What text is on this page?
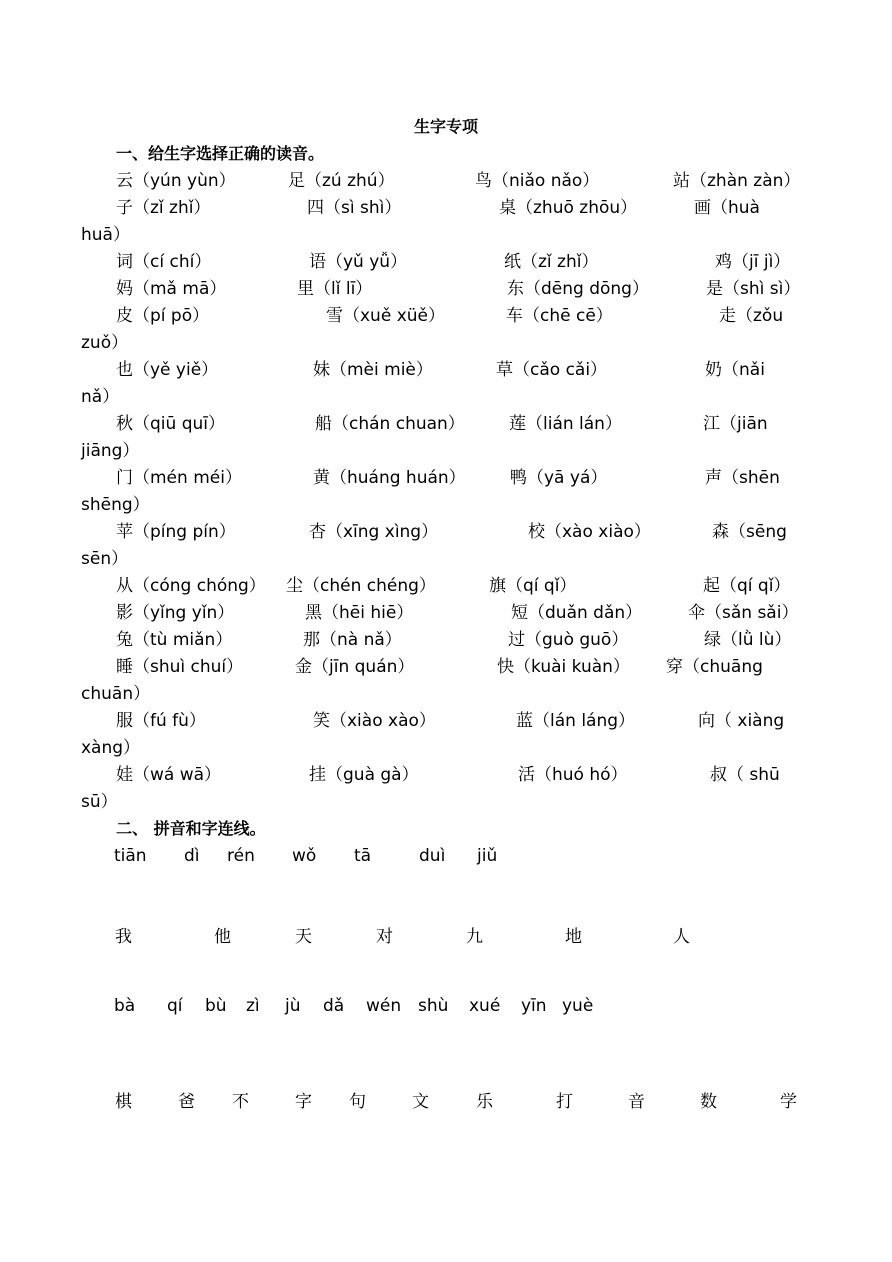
生字专项
一、给生字选择正确的读音。
云（yún yùn）	足（zú zhú）	鸟（niǎo nǎo）	站（zhàn zàn）
子（zǐ zhǐ）	四（sì shì）	桌（zhuō zhōu）	画（huà
huā）
词（cí chí）	语（yǔ yǚ）	纸（zǐ zhǐ）	鸡（jī jì）
妈（mǎ mā）	里（lǐ lī）	东（dēng dōng）	是（shì sì）
皮（pí pō）	雪（xuě xüě）	车（chē cē）	走（zǒu
zuǒ）
也（yě yiě）	妹（mèi miè）	草（cǎo cǎi）	奶（nǎi
nǎ）
秋（qiū quī）	船（chán chuan）	莲（lián lán）	江（jiān
jiāng）
门（mén méi）	黄（huáng huán）	鸭（yā yá）	声（shēn
shēng）
苹（píng pín）	杏（xīng xìng）	校（xào xiào）	森（sēng
sēn）
从（cóng chóng） 尘（chén chéng）	旗（qí qǐ）	起（qí qǐ）
影（yǐng yǐn）	黑（hēi hiē）	短（duǎn dǎn）	伞（sǎn sǎi）
兔（tù miǎn）	那（nà nǎ）	过（guò guō）	绿（lǜ lù）
睡（shuì chuí）	金（jīn quán）	快（kuài kuàn） 穿（chuāng
chuān）
服（fú fù）	笑（xiào xào）	蓝（lán láng）	向（ xiàng
xàng）
娃（wá wā）	挂（guà gà）	活（huó hó）	叔（ shū
sū）
二、 拼音和字连线。
tiān dì rén wǒ tā	duì jiǔ
我	他	天	对	九	地	人
bà qí bù zì jù dǎ wén shù xué yīn yuè
棋	爸 不	字 句	文	乐	打	音	数	学
